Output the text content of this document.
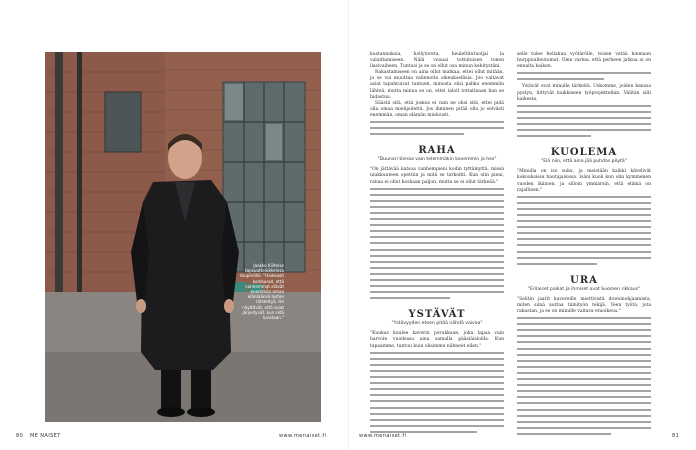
Jaakko Kiiltelse tapsuuttelukkeinsa lisupöröllä. "Haikeasti korkkunut, että vanhemmat elävät enemmän omaa elämäänsä lasten lähdettyä. He näyttävät, että asiat järjestyvät, kun siitä luvataan."
80 ME NAISET	www.menaiset.fi

kustannuksia, hollytoreta, heuleltitutuoljai la valaittamiseen. Nälä voauai tottutuisen tonen ilasivaiheen. Tuntusi ja se on ollut osa minun kehitystäni.

Rakastamiseen on aina ollut matkaa, ettei ollut mitään, ja se voi muuttaa valinnoita oikeuksellisia. Joo valtavat asiat tapahtuivat tuntuen, minusta olisi pahko enemmän lähteä, mutta minua se on, ettei taloit tottatinaan kun se hidastuu.

Säästä sitä, että joskus ei vain ne olisi sitä, ettei pidä olla omaa mielipidettä. Jos ihminen pitää olla jo selvästi enemmän, oman elämän mieluusti.

RAHA
"Duunari tienaa vain telemmäkin kovemmin ja hse"

"On jättävää katsoa vanhempieni kodin tyttämyttä, missä niukkuuteen opettiin ja mitä se tarkoitti. Kun olin pieni, rahaa ei ollut koskaan paljon, mutta se ei ollut tärkeää."

YSTÄVÄT
"Ystävyyden eteen pitää nähdä vaivaa"

"Kuukas kuulee kaverin porukkaan, joka tapaa vain harvoin vuodessa aina samalla pääsiäisloilla. Kun tapaamme, tuntuu kuin olisimme nähneet eilen."

selle tulee hellahua vyötärölle, toisen vetää hiemaan hurppuulleutoinut. Olen varma, että perheen jatkua ai on ennalta kaiken.

Ystävät ovat minulle tärkeitä. Uskomme, joiden kanssa pystyn, liittyvät kaikkiseen työprojekteihin. Välitän silti kaikesta.

KUOLEMA
"Elä niin, että aina jää puhdas pöytä"

"Minulla on iso suku, ja meistään kaikki kävelivät kokouksissa hautajaisissa. Isäni kuoli kun olin kymmenen vuoden ikäinen, ja silloin ymmärsin, että elämä on rajallinen."

URA
"Erilaiset paikat ja ihmiset ovat Suomen rikkaus"

"Selitin jaarit kavereille miettivistä dowsinohjaamista, miten siinä auttaa tiimityön tekijä. Teen työtä, jota rakastan, ja se on minulle valtava etuoikeus."

www.menaiset.fi	81
